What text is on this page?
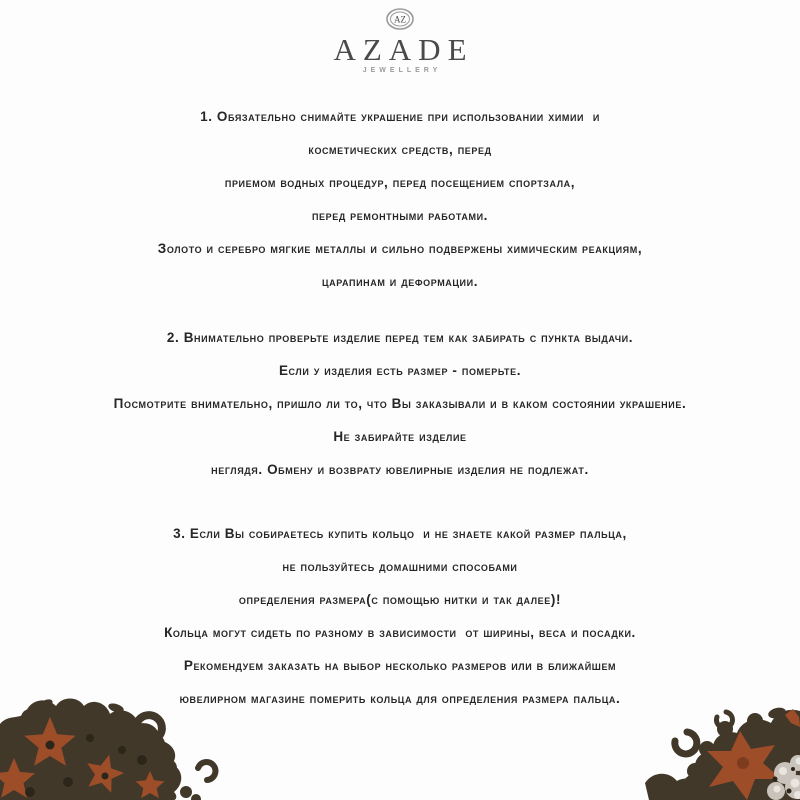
AZ
AZADE
JEWELLERY
1. Обязательно снимайте украшение при использовании химии  и
косметических средств, перед
приемом водных процедур, перед посещением спортзала,
перед ремонтными работами.
Золото и серебро мягкие металлы и сильно подвержены химическим реакциям,
царапинам и деформации.
2. Внимательно проверьте изделие перед тем как забирать с пункта выдачи.
Если у изделия есть размер - померьте.
Посмотрите внимательно, пришло ли то, что Вы заказывали и в каком состоянии украшение.
Не забирайте изделие
неглядя. Обмену и возврату ювелирные изделия не подлежат.
3. Если Вы собираетесь купить кольцо  и не знаете какой размер пальца,
не пользуйтесь домашними способами
определения размера(с помощью нитки и так далее)!
Кольца могут сидеть по разному в зависимости  от ширины, веса и посадки.
Рекомендуем заказать на выбор несколько размеров или в ближайшем
ювелирном магазине померить кольца для определения размера пальца.
